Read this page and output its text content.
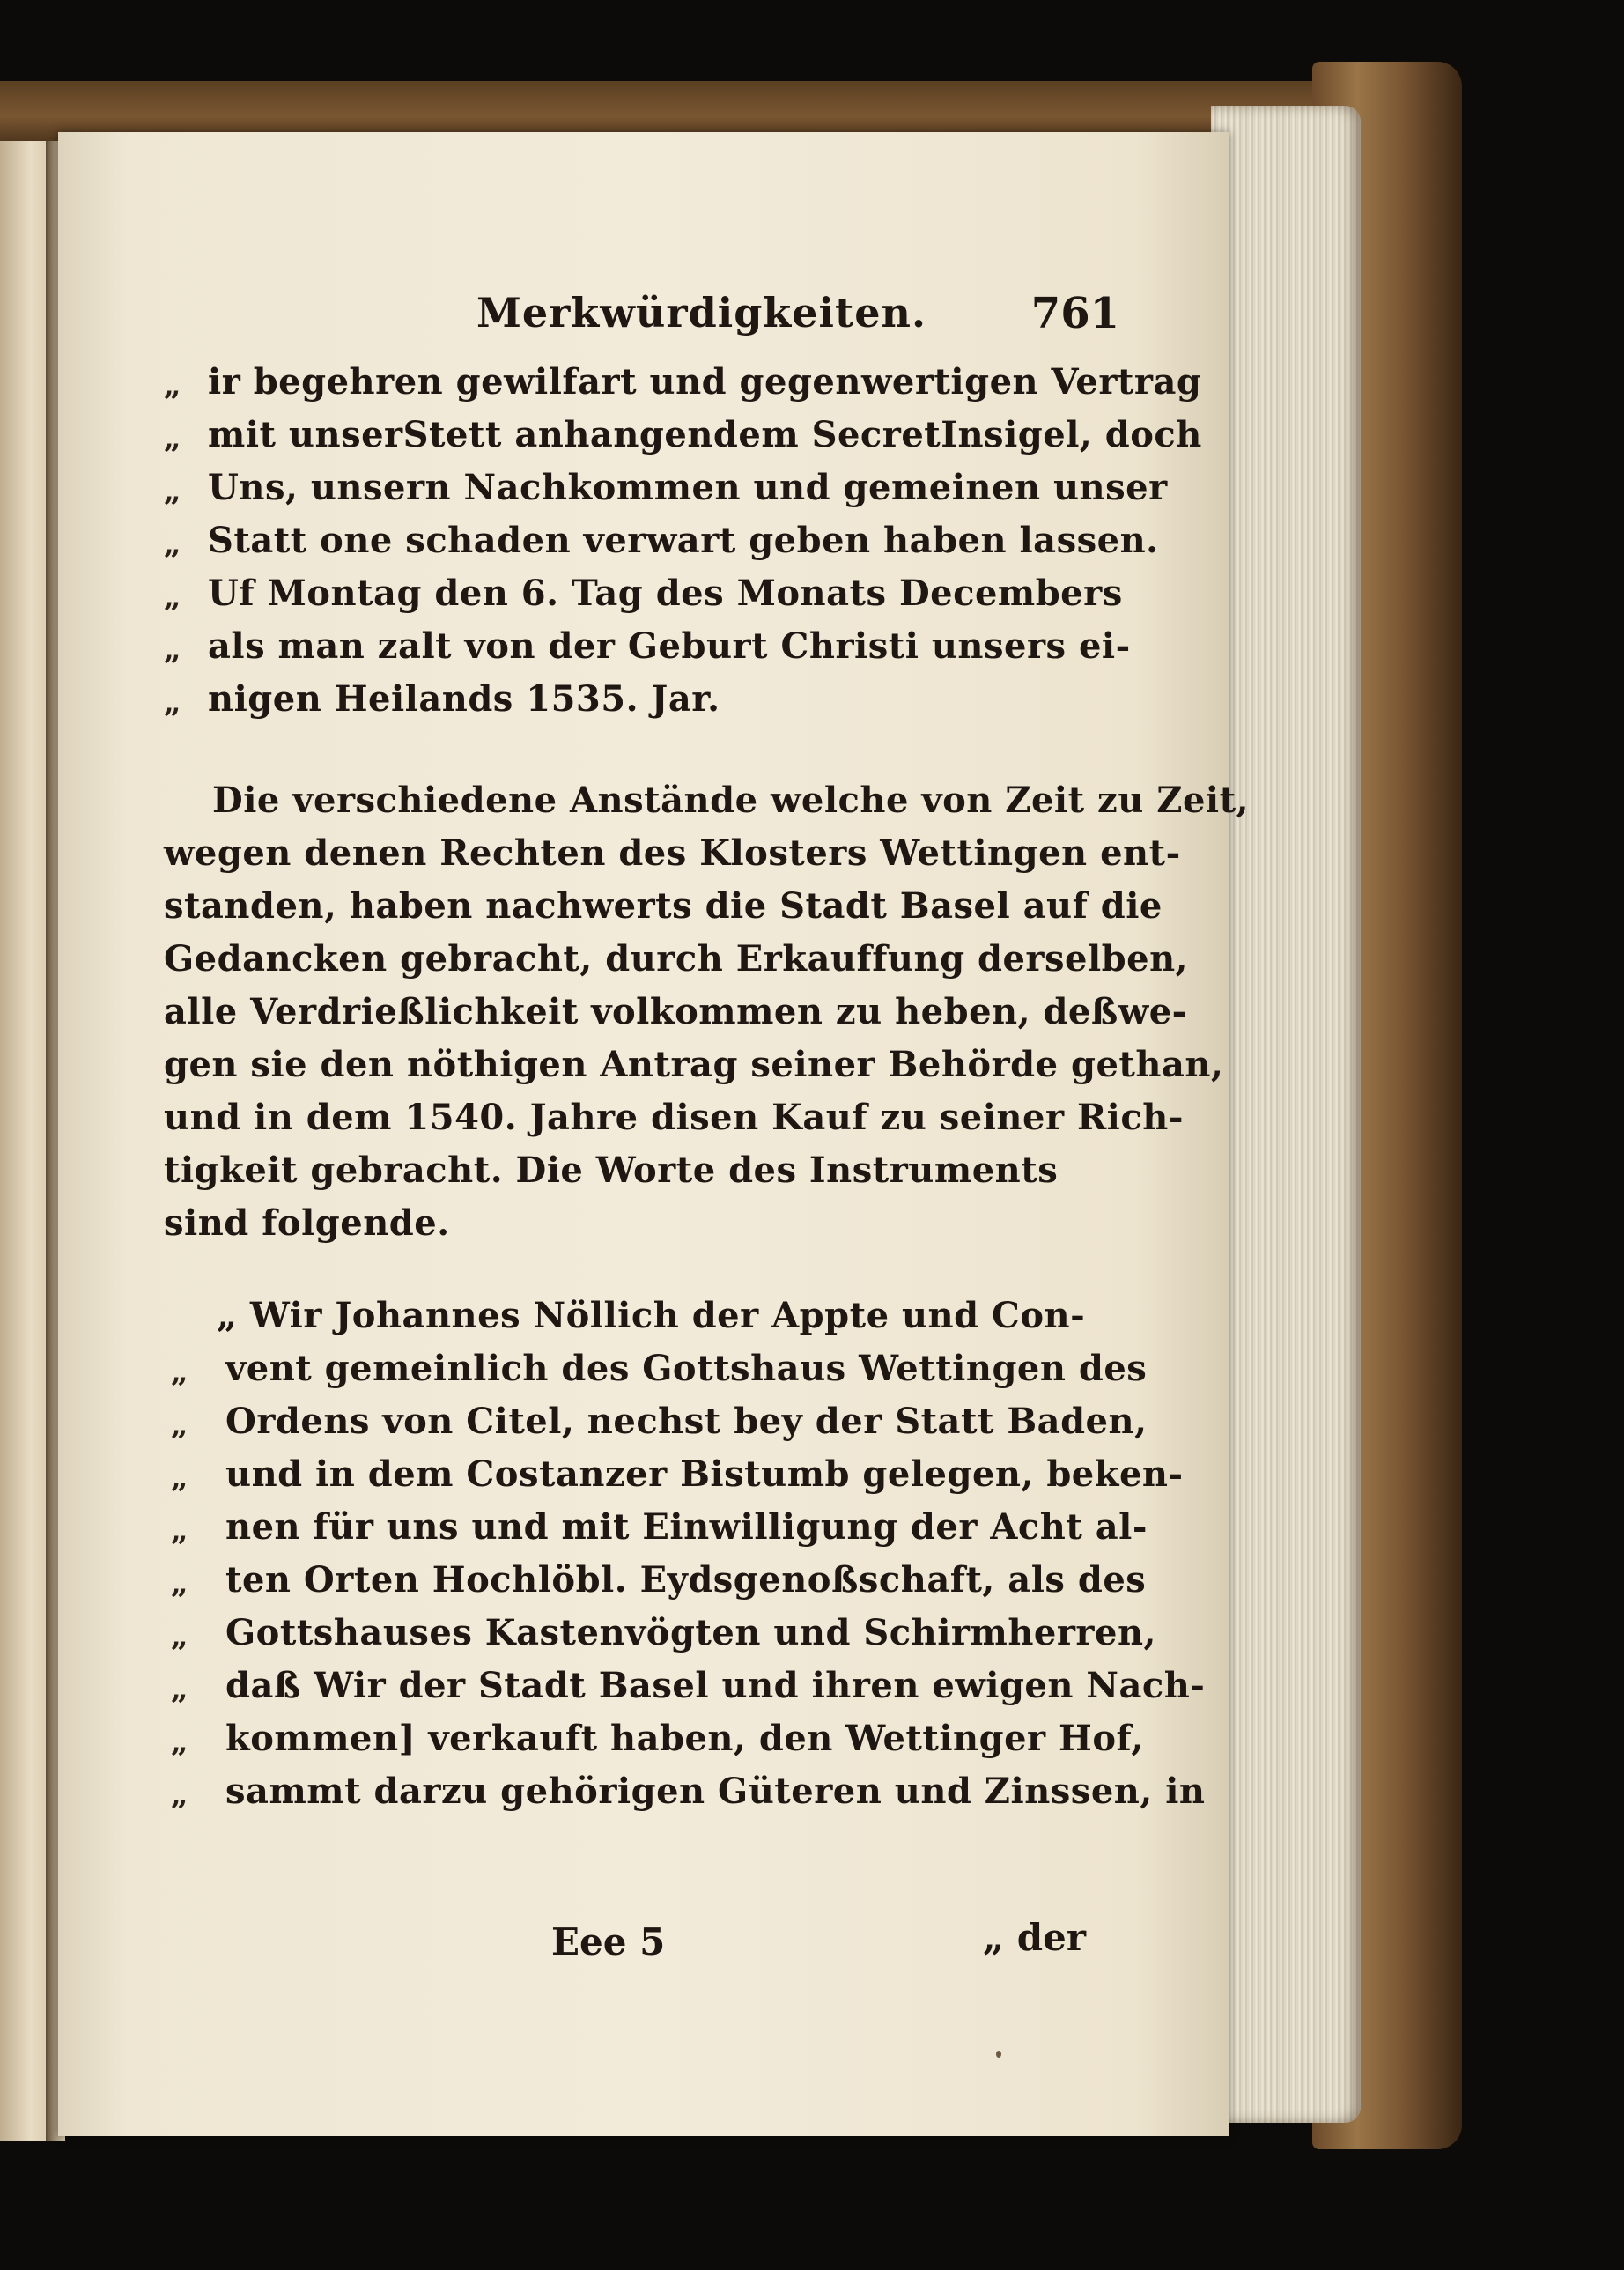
Merkwürdigkeiten. 761
„ ir begehren gewilfart und gegenwertigen Vertrag
„ mit unserStett anhangendem SecretInsigel, doch
„ Uns, unsern Nachkommen und gemeinen unser
„ Statt one schaden verwart geben haben lassen.
„ Uf Montag den 6. Tag des Monats Decembers
„ als man zalt von der Geburt Christi unsers ei-
„ nigen Heilands 1535. Jar.
Die verschiedene Anstände welche von Zeit zu Zeit,
wegen denen Rechten des Klosters Wettingen ent-
standen, haben nachwerts die Stadt Basel auf die
Gedancken gebracht, durch Erkauffung derselben,
alle Verdrießlichkeit volkommen zu heben, deßwe-
gen sie den nöthigen Antrag seiner Behörde gethan,
und in dem 1540. Jahre disen Kauf zu seiner Rich-
tigkeit gebracht. Die Worte des Instruments
sind folgende.
„ Wir Johannes Nöllich der Appte und Con-
„ vent gemeinlich des Gottshaus Wettingen des
„ Ordens von Citel, nechst bey der Statt Baden,
„ und in dem Costanzer Bistumb gelegen, beken-
„ nen für uns und mit Einwilligung der Acht al-
„ ten Orten Hochlöbl. Eydsgenoßschaft, als des
„ Gottshauses Kastenvögten und Schirmherren,
„ daß Wir der Stadt Basel und ihren ewigen Nach-
„ kommen] verkauft haben, den Wettinger Hof,
„ sammt darzu gehörigen Güteren und Zinssen, in
Eee 5	„ der
